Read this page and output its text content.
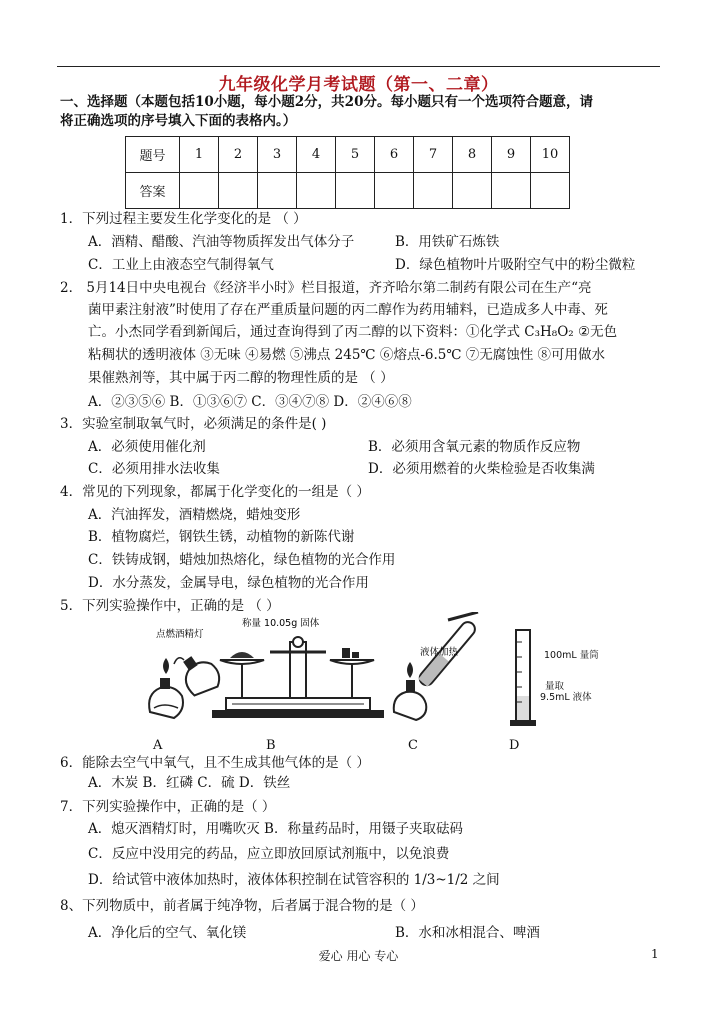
九年级化学月考试题（第一、二章）
一、选择题（本题包括10小题，每小题2分，共20分。每小题只有一个选项符合题意，请
将正确选项的序号填入下面的表格内。）
题号	1	2	3	4	5	6	7	8	9	10
答案										
1．下列过程主要发生化学变化的是 （ ）
A．酒精、醋酸、汽油等物质挥发出气体分子	B．用铁矿石炼铁
C．工业上由液态空气制得氧气	D．绿色植物叶片吸附空气中的粉尘微粒
2． 5月14日中央电视台《经济半小时》栏目报道，齐齐哈尔第二制药有限公司在生产“亮
菌甲素注射液”时使用了存在严重质量问题的丙二醇作为药用辅料，已造成多人中毒、死
亡。小杰同学看到新闻后，通过查询得到了丙二醇的以下资料：①化学式 C₃H₈O₂ ②无色
粘稠状的透明液体 ③无味 ④易燃 ⑤沸点 245℃ ⑥熔点-6.5℃ ⑦无腐蚀性 ⑧可用做水
果催熟剂等，其中属于丙二醇的物理性质的是 （ ）
A．②③⑤⑥ B．①③⑥⑦ C．③④⑦⑧ D．②④⑥⑧
3．实验室制取氧气时，必须满足的条件是( )
A．必须使用催化剂	B．必须用含氧元素的物质作反应物
C．必须用排水法收集	D．必须用燃着的火柴检验是否收集满
4．常见的下列现象，都属于化学变化的一组是（ ）
A．汽油挥发，酒精燃烧，蜡烛变形
B．植物腐烂，钢铁生锈，动植物的新陈代谢
C．铁铸成钢，蜡烛加热熔化，绿色植物的光合作用
D．水分蒸发，金属导电，绿色植物的光合作用
5．下列实验操作中，正确的是 （ ）
点燃酒精灯
称量 10.05g 固体
液体加热	100mL 量筒
量取
9.5mL 液体
A	B	C	D
6．能除去空气中氧气，且不生成其他气体的是（ ）
A．木炭 B．红磷 C．硫 D．铁丝
7．下列实验操作中，正确的是（ ）
A．熄灭酒精灯时，用嘴吹灭 B．称量药品时，用镊子夹取砝码
C．反应中没用完的药品，应立即放回原试剂瓶中，以免浪费
D．给试管中液体加热时，液体体积控制在试管容积的 1/3~1/2 之间
8、下列物质中，前者属于纯净物，后者属于混合物的是（ ）
A．净化后的空气、氧化镁	B．水和冰相混合、啤酒
爱心 用心 专心	1
